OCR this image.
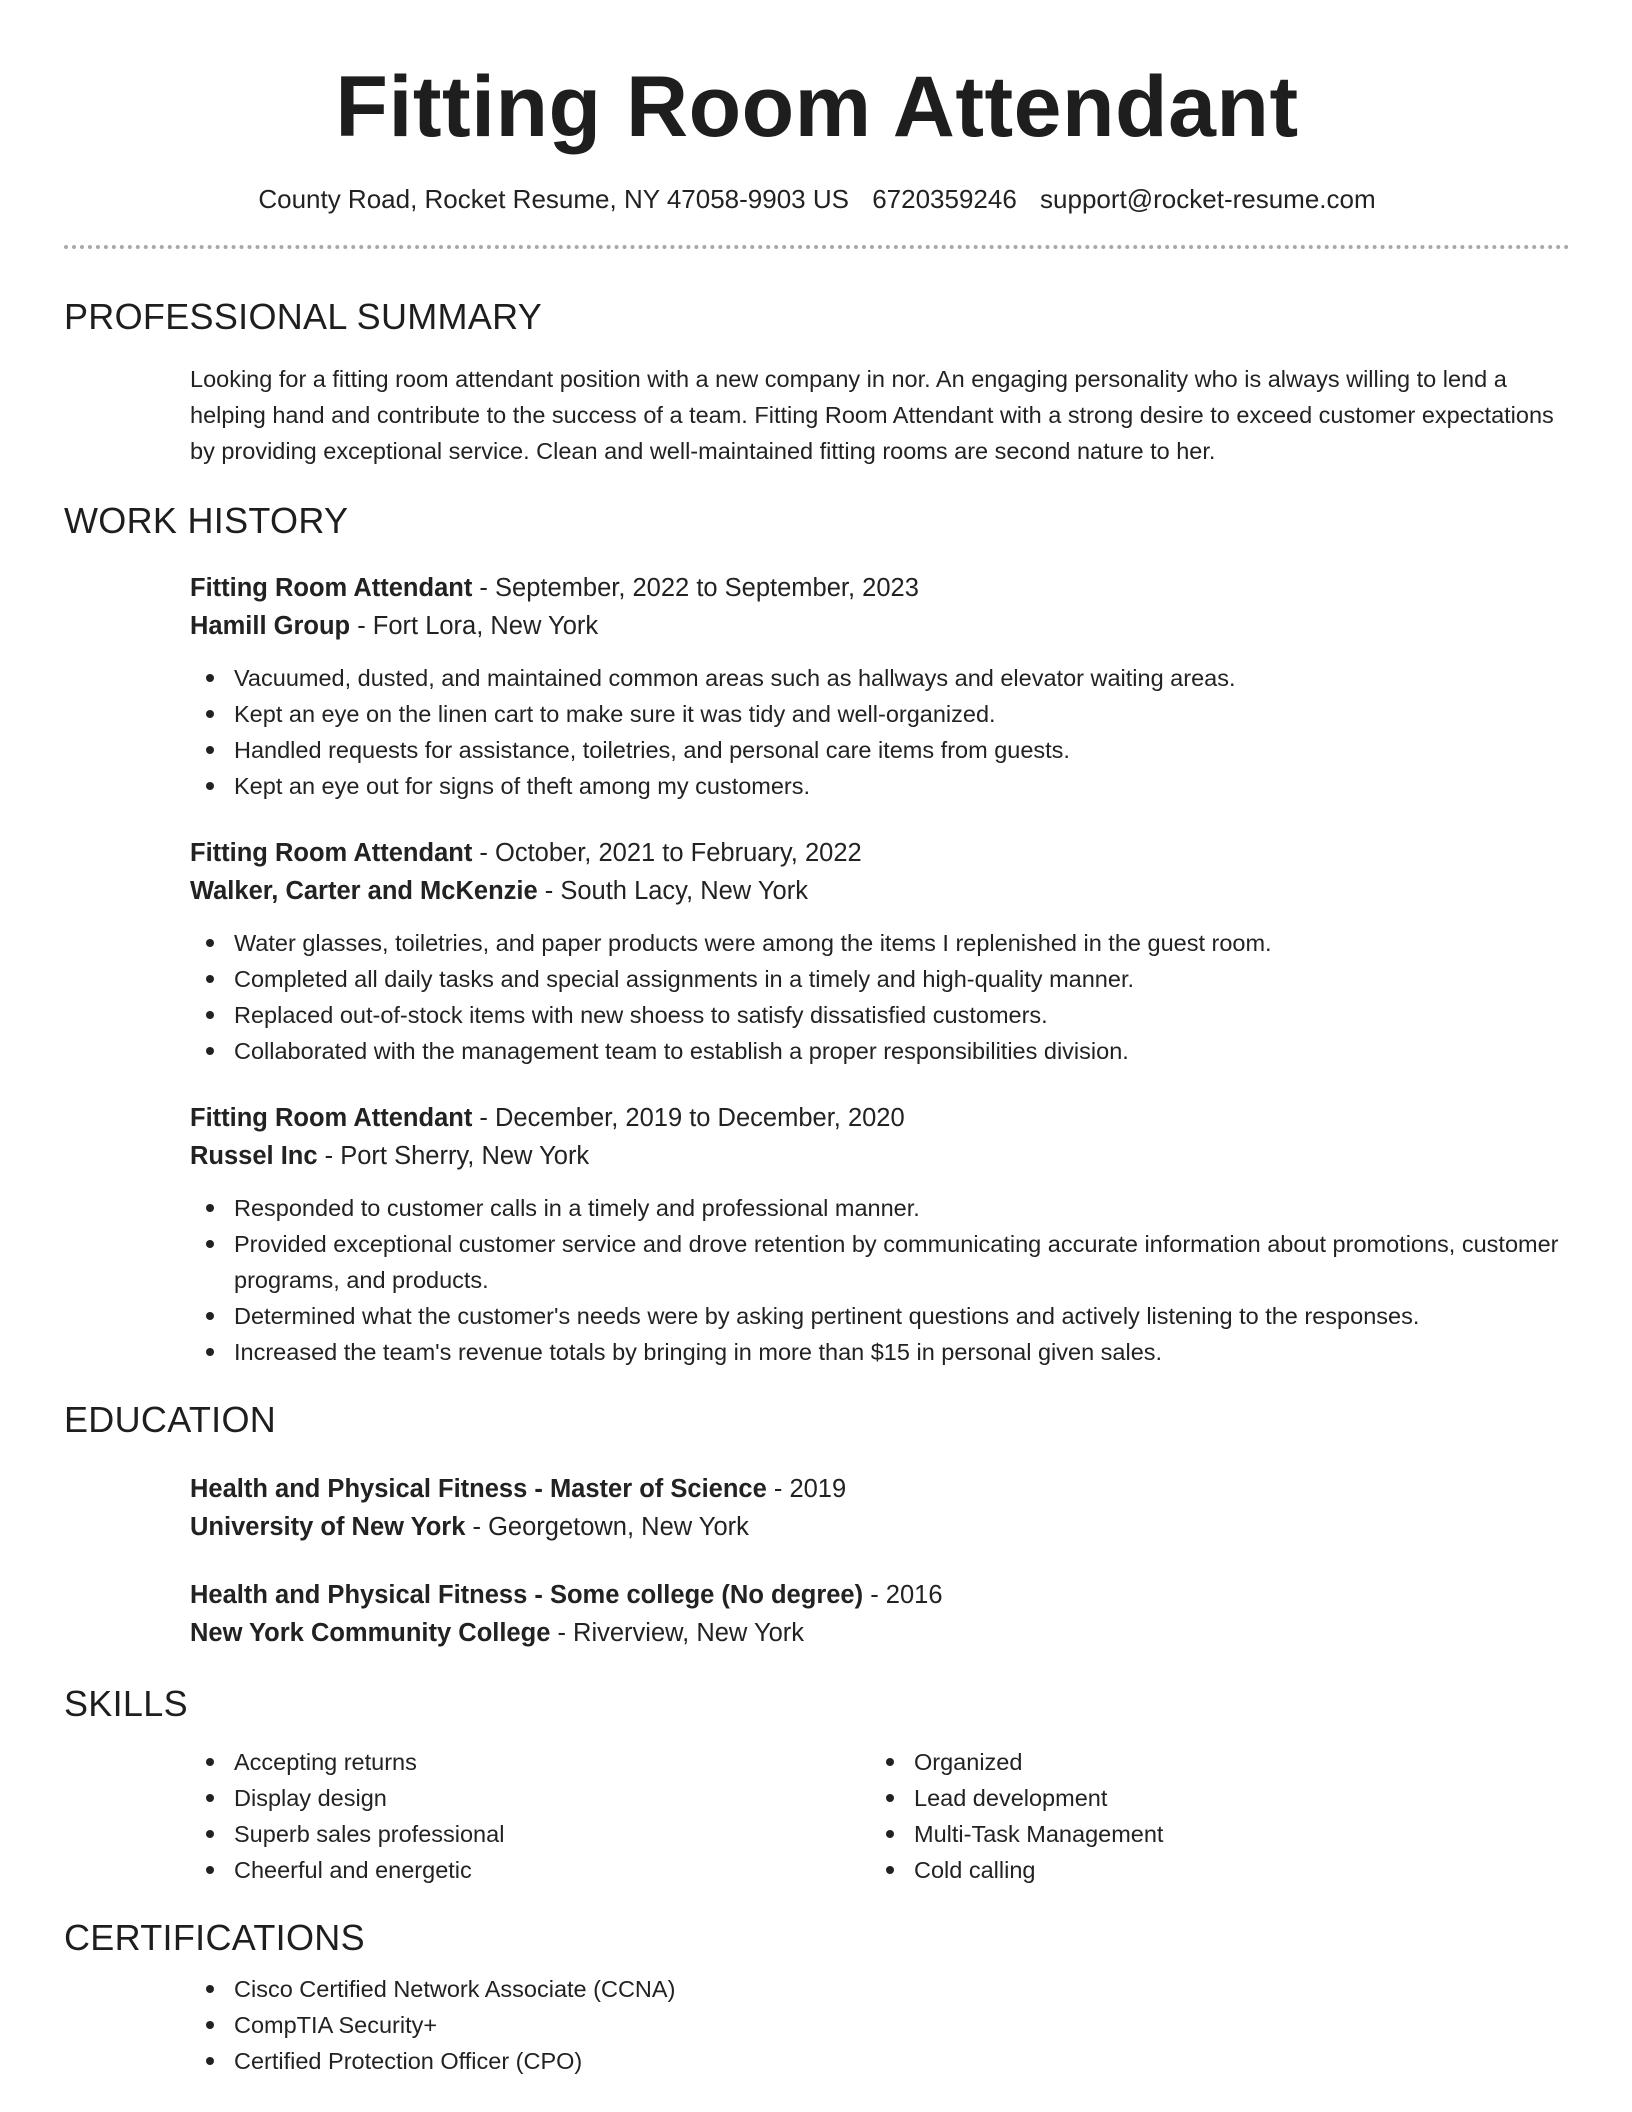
Fitting Room Attendant
County Road, Rocket Resume, NY 47058-9903 US 6720359246 support@rocket-resume.com
PROFESSIONAL SUMMARY

Looking for a fitting room attendant position with a new company in nor. An engaging personality who is always willing to lend a helping hand and contribute to the success of a team. Fitting Room Attendant with a strong desire to exceed customer expectations by providing exceptional service. Clean and well-maintained fitting rooms are second nature to her.

WORK HISTORY
Fitting Room Attendant - September, 2022 to September, 2023
Hamill Group - Fort Lora, New York
Vacuumed, dusted, and maintained common areas such as hallways and elevator waiting areas.
Kept an eye on the linen cart to make sure it was tidy and well-organized.
Handled requests for assistance, toiletries, and personal care items from guests.
Kept an eye out for signs of theft among my customers.
Fitting Room Attendant - October, 2021 to February, 2022
Walker, Carter and McKenzie - South Lacy, New York
Water glasses, toiletries, and paper products were among the items I replenished in the guest room.
Completed all daily tasks and special assignments in a timely and high-quality manner.
Replaced out-of-stock items with new shoess to satisfy dissatisfied customers.
Collaborated with the management team to establish a proper responsibilities division.
Fitting Room Attendant - December, 2019 to December, 2020
Russel Inc - Port Sherry, New York
Responded to customer calls in a timely and professional manner.
Provided exceptional customer service and drove retention by communicating accurate information about promotions, customer programs, and products.
Determined what the customer's needs were by asking pertinent questions and actively listening to the responses.
Increased the team's revenue totals by bringing in more than $15 in personal given sales.
EDUCATION
Health and Physical Fitness - Master of Science - 2019
University of New York - Georgetown, New York
Health and Physical Fitness - Some college (No degree) - 2016
New York Community College - Riverview, New York
SKILLS
Accepting returns
Display design
Superb sales professional
Cheerful and energetic
Organized
Lead development
Multi-Task Management
Cold calling
CERTIFICATIONS
Cisco Certified Network Associate (CCNA)
CompTIA Security+
Certified Protection Officer (CPO)
